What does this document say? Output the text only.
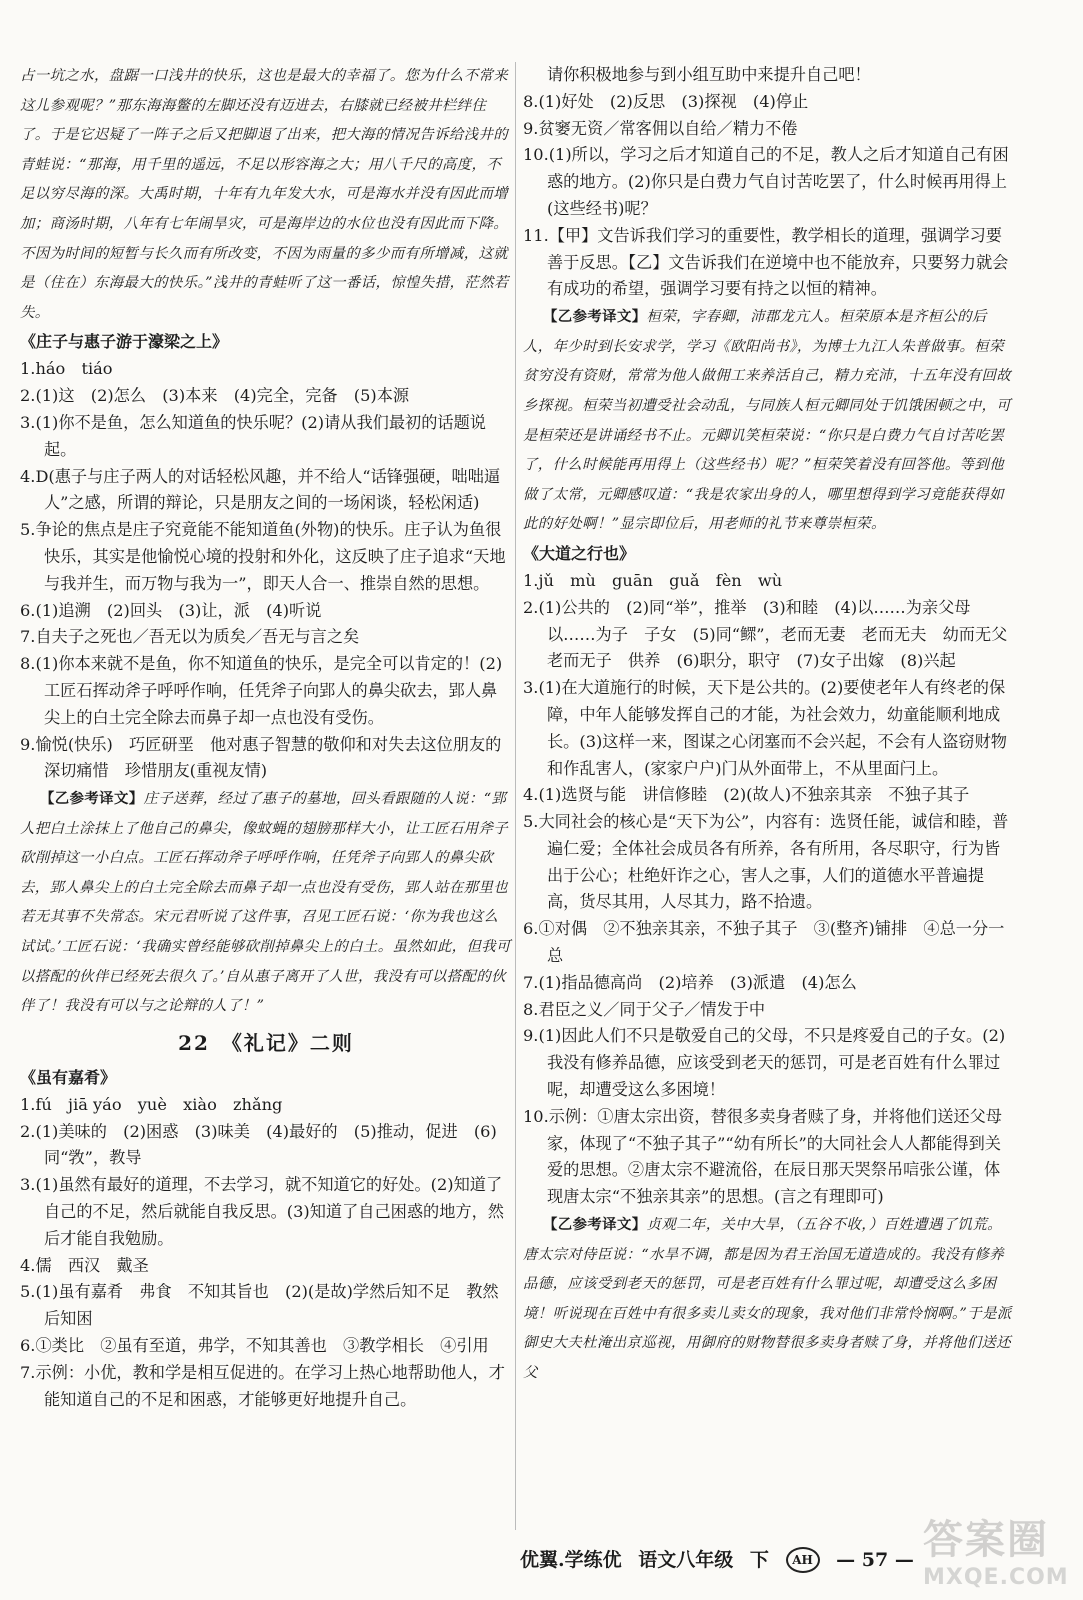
占一坑之水，盘踞一口浅井的快乐，这也是最大的幸福了。您为什么不常来这儿参观呢？”那东海海鳖的左脚还没有迈进去，右膝就已经被井栏绊住了。于是它迟疑了一阵子之后又把脚退了出来，把大海的情况告诉给浅井的青蛙说：“那海，用千里的遥远，不足以形容海之大；用八千尺的高度，不足以穷尽海的深。大禹时期，十年有九年发大水，可是海水并没有因此而增加；商汤时期，八年有七年闹旱灾，可是海岸边的水位也没有因此而下降。不因为时间的短暂与长久而有所改变，不因为雨量的多少而有所增减，这就是（住在）东海最大的快乐。”浅井的青蛙听了这一番话，惊惶失措，茫然若失。

《庄子与惠子游于濠梁之上》

1.háo　tiáo

2.(1)这　(2)怎么　(3)本来　(4)完全，完备　(5)本源

3.(1)你不是鱼，怎么知道鱼的快乐呢？(2)请从我们最初的话题说起。

4.D(惠子与庄子两人的对话轻松风趣，并不给人“话锋强硬，咄咄逼人”之感，所谓的辩论，只是朋友之间的一场闲谈，轻松闲适)

5.争论的焦点是庄子究竟能不能知道鱼(外物)的快乐。庄子认为鱼很快乐，其实是他愉悦心境的投射和外化，这反映了庄子追求“天地与我并生，而万物与我为一”，即天人合一、推崇自然的思想。

6.(1)追溯　(2)回头　(3)让，派　(4)听说

7.自夫子之死也／吾无以为质矣／吾无与言之矣

8.(1)你本来就不是鱼，你不知道鱼的快乐，是完全可以肯定的！(2)工匠石挥动斧子呼呼作响，任凭斧子向郢人的鼻尖砍去，郢人鼻尖上的白土完全除去而鼻子却一点也没有受伤。

9.愉悦(快乐)　巧匠研垩　他对惠子智慧的敬仰和对失去这位朋友的深切痛惜　珍惜朋友(重视友情)

【乙参考译文】庄子送葬，经过了惠子的墓地，回头看跟随的人说：“郢人把白土涂抹上了他自己的鼻尖，像蚊蝇的翅膀那样大小，让工匠石用斧子砍削掉这一小白点。工匠石挥动斧子呼呼作响，任凭斧子向郢人的鼻尖砍去，郢人鼻尖上的白土完全除去而鼻子却一点也没有受伤，郢人站在那里也若无其事不失常态。宋元君听说了这件事，召见工匠石说：‘你为我也这么试试。’工匠石说：‘我确实曾经能够砍削掉鼻尖上的白土。虽然如此，但我可以搭配的伙伴已经死去很久了。’自从惠子离开了人世，我没有可以搭配的伙伴了！我没有可以与之论辩的人了！”

22　《礼记》二则

《虽有嘉肴》

1.fú　jiā yáo　yuè　xiào　zhǎng

2.(1)美味的　(2)困惑　(3)味美　(4)最好的　(5)推动，促进　(6)同“敩”，教导

3.(1)虽然有最好的道理，不去学习，就不知道它的好处。(2)知道了自己的不足，然后就能自我反思。(3)知道了自己困惑的地方，然后才能自我勉励。

4.儒　西汉　戴圣

5.(1)虽有嘉肴　弗食　不知其旨也　(2)(是故)学然后知不足　教然后知困

6.①类比　②虽有至道，弗学，不知其善也　③教学相长　④引用

7.示例：小优，教和学是相互促进的。在学习上热心地帮助他人，才能知道自己的不足和困惑，才能够更好地提升自己。

请你积极地参与到小组互助中来提升自己吧！

8.(1)好处　(2)反思　(3)探视　(4)停止

9.贫窭无资／常客佣以自给／精力不倦

10.(1)所以，学习之后才知道自己的不足，教人之后才知道自己有困惑的地方。(2)你只是白费力气自讨苦吃罢了，什么时候再用得上(这些经书)呢？

11.【甲】文告诉我们学习的重要性，教学相长的道理，强调学习要善于反思。【乙】文告诉我们在逆境中也不能放弃，只要努力就会有成功的希望，强调学习要有持之以恒的精神。

【乙参考译文】桓荣，字春卿，沛郡龙亢人。桓荣原本是齐桓公的后人，年少时到长安求学，学习《欧阳尚书》，为博士九江人朱普做事。桓荣贫穷没有资财，常常为他人做佣工来养活自己，精力充沛，十五年没有回故乡探视。桓荣当初遭受社会动乱，与同族人桓元卿同处于饥饿困顿之中，可是桓荣还是讲诵经书不止。元卿讥笑桓荣说：“你只是白费力气自讨苦吃罢了，什么时候能再用得上（这些经书）呢？”桓荣笑着没有回答他。等到他做了太常，元卿感叹道：“我是农家出身的人，哪里想得到学习竟能获得如此的好处啊！”显宗即位后，用老师的礼节来尊崇桓荣。

《大道之行也》

1.jǔ　mù　guān　guǎ　fèn　wù

2.(1)公共的　(2)同“举”，推举　(3)和睦　(4)以……为亲父母　以……为子　子女　(5)同“鳏”，老而无妻　老而无夫　幼而无父　老而无子　供养　(6)职分，职守　(7)女子出嫁　(8)兴起

3.(1)在大道施行的时候，天下是公共的。(2)要使老年人有终老的保障，中年人能够发挥自己的才能，为社会效力，幼童能顺利地成长。(3)这样一来，图谋之心闭塞而不会兴起，不会有人盗窃财物和作乱害人，(家家户户)门从外面带上，不从里面闩上。

4.(1)选贤与能　讲信修睦　(2)(故人)不独亲其亲　不独子其子

5.大同社会的核心是“天下为公”，内容有：选贤任能，诚信和睦，普遍仁爱；全体社会成员各有所养，各有所用，各尽职守，行为皆出于公心；杜绝奸诈之心，害人之事，人们的道德水平普遍提高，货尽其用，人尽其力，路不拾遗。

6.①对偶　②不独亲其亲，不独子其子　③(整齐)铺排　④总一分一总

7.(1)指品德高尚　(2)培养　(3)派遣　(4)怎么

8.君臣之义／同于父子／情发于中

9.(1)因此人们不只是敬爱自己的父母，不只是疼爱自己的子女。(2)我没有修养品德，应该受到老天的惩罚，可是老百姓有什么罪过呢，却遭受这么多困境！

10.示例：①唐太宗出资，替很多卖身者赎了身，并将他们送还父母家，体现了“不独子其子”“幼有所长”的大同社会人人都能得到关爱的思想。②唐太宗不避流俗，在辰日那天哭祭吊唁张公谨，体现唐太宗“不独亲其亲”的思想。(言之有理即可)

【乙参考译文】贞观二年，关中大旱，（五谷不收，）百姓遭遇了饥荒。唐太宗对侍臣说：“水旱不调，都是因为君王治国无道造成的。我没有修养品德，应该受到老天的惩罚，可是老百姓有什么罪过呢，却遭受这么多困境！听说现在百姓中有很多卖儿卖女的现象，我对他们非常怜悯啊。”于是派御史大夫杜淹出京巡视，用御府的财物替很多卖身者赎了身，并将他们送还父

优翼.学练优 语文八年级 下 AH — 57 — 答案圈
MXQE.COM
